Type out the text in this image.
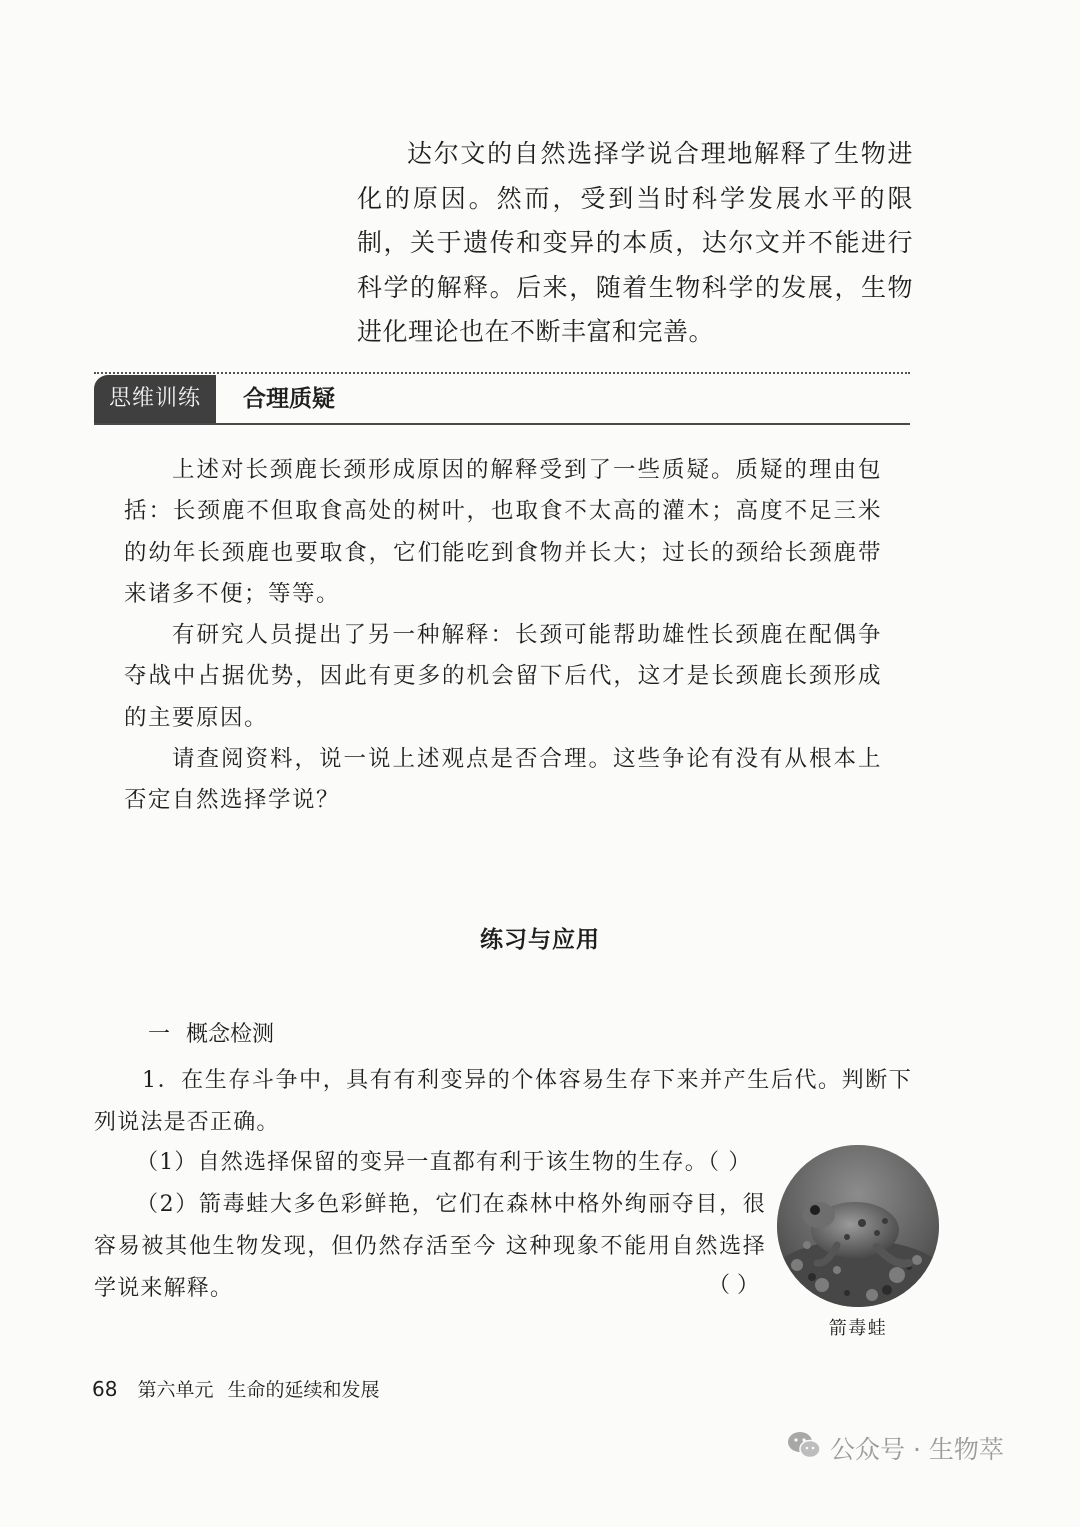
达尔文的自然选择学说合理地解释了生物进化的原因。然而，受到当时科学发展水平的限制，关于遗传和变异的本质，达尔文并不能进行科学的解释。后来，随着生物科学的发展，生物进化理论也在不断丰富和完善。
思维训练	合理质疑

上述对长颈鹿长颈形成原因的解释受到了一些质疑。质疑的理由包括：长颈鹿不但取食高处的树叶，也取食不太高的灌木；高度不足三米的幼年长颈鹿也要取食，它们能吃到食物并长大；过长的颈给长颈鹿带来诸多不便；等等。

有研究人员提出了另一种解释：长颈可能帮助雄性长颈鹿在配偶争夺战中占据优势，因此有更多的机会留下后代，这才是长颈鹿长颈形成的主要原因。

请查阅资料，说一说上述观点是否合理。这些争论有没有从根本上否定自然选择学说？

练习与应用
一 概念检测
1．在生存斗争中，具有有利变异的个体容易生存下来并产生后代。判断下列说法是否正确。
（1）自然选择保留的变异一直都有利于该生物的生存。（ ）
（2）箭毒蛙大多色彩鲜艳，它们在森林中格外绚丽夺目，很容易被其他生物发现，但仍然存活至今 这种现象不能用自然选择学说来解释。	（ ）
箭毒蛙
68 第六单元 生命的延续和发展
公众号 · 生物萃
